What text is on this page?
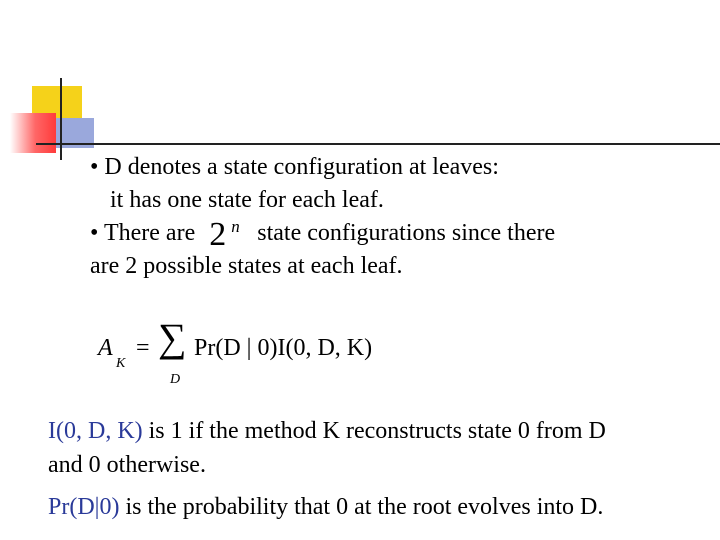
• D denotes a state configuration at leaves:
it has one state for each leaf.
• There are 2 n state configurations since there
are 2 possible states at each leaf.
A
K
= ∑
D
Pr(D | 0)I(0, D, K)
I(0, D, K) is 1 if the method K reconstructs state 0 from D
and 0 otherwise.
Pr(D|0) is the probability that 0 at the root evolves into D.
